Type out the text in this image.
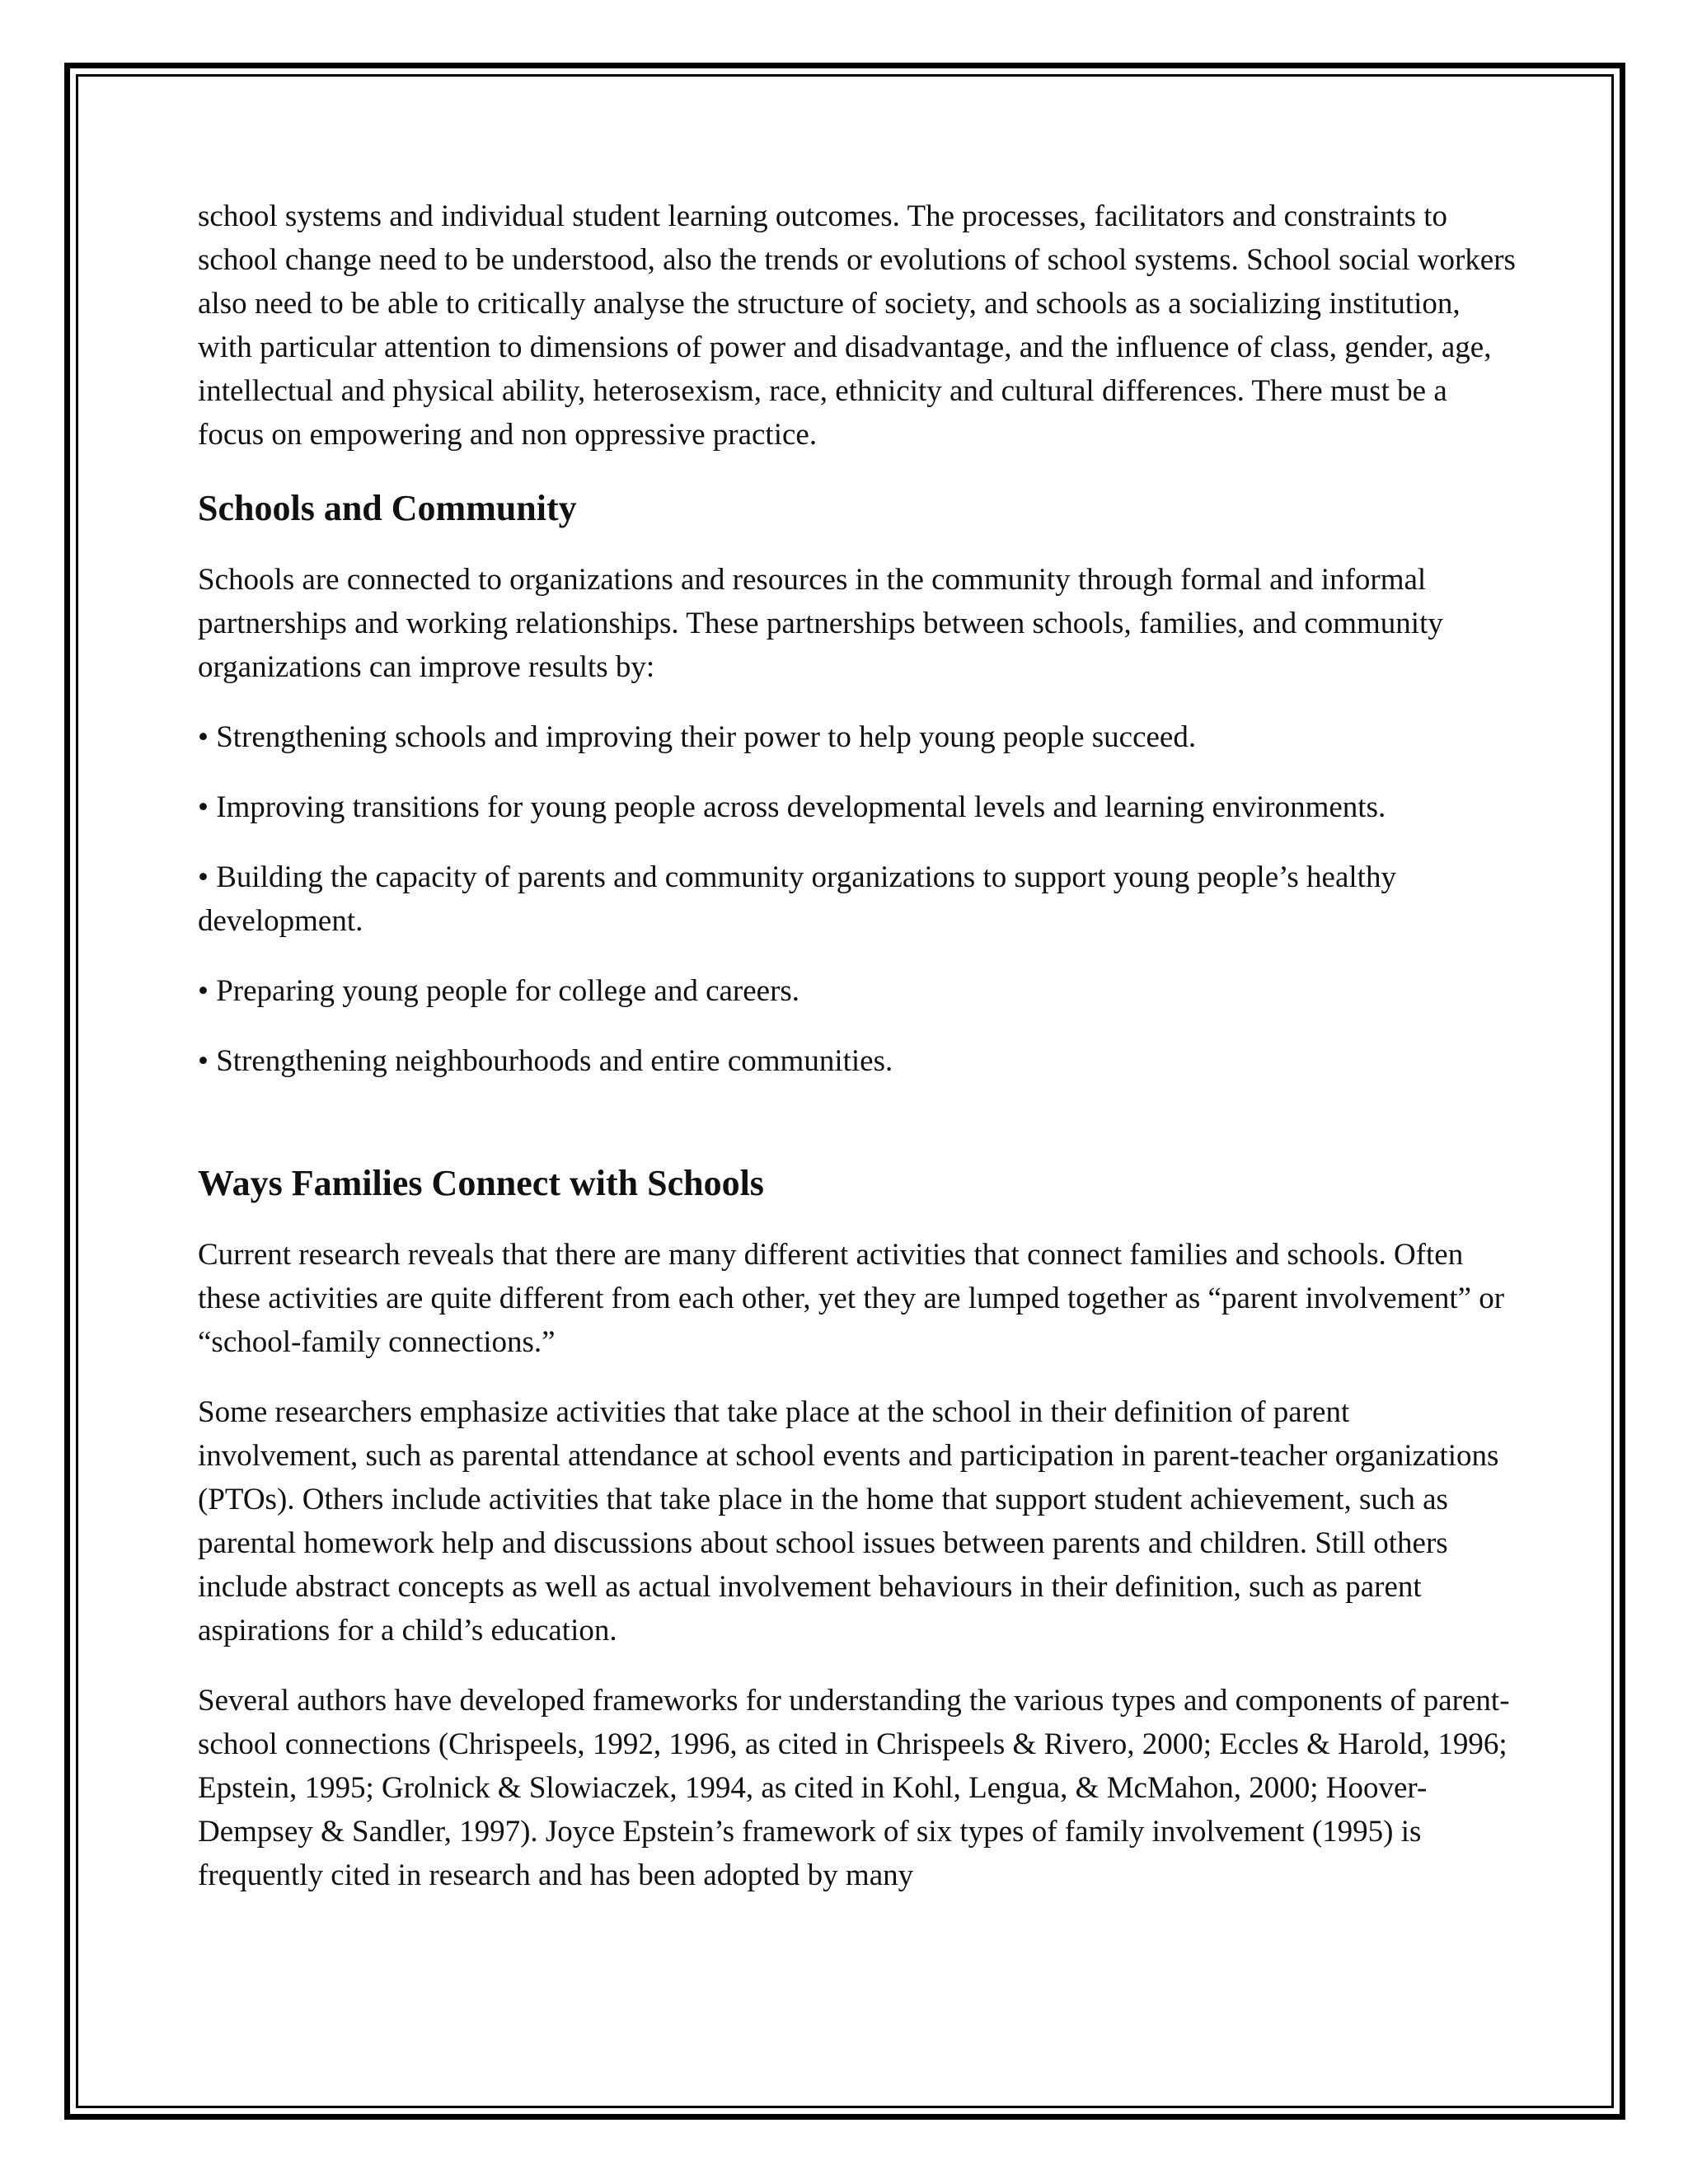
school systems and individual student learning outcomes. The processes, facilitators and constraints to school change need to be understood, also the trends or evolutions of school systems. School social workers also need to be able to critically analyse the structure of society, and schools as a socializing institution, with particular attention to dimensions of power and disadvantage, and the influence of class, gender, age, intellectual and physical ability, heterosexism, race, ethnicity and cultural differences. There must be a focus on empowering and non oppressive practice.

Schools and Community

Schools are connected to organizations and resources in the community through formal and informal partnerships and working relationships. These partnerships between schools, families, and community organizations can improve results by:

• Strengthening schools and improving their power to help young people succeed.

• Improving transitions for young people across developmental levels and learning environments.

• Building the capacity of parents and community organizations to support young people’s healthy development.

• Preparing young people for college and careers.

• Strengthening neighbourhoods and entire communities.

Ways Families Connect with Schools

Current research reveals that there are many different activities that connect families and schools. Often these activities are quite different from each other, yet they are lumped together as “parent involvement” or “school-family connections.”

Some researchers emphasize activities that take place at the school in their definition of parent involvement, such as parental attendance at school events and participation in parent-teacher organizations (PTOs). Others include activities that take place in the home that support student achievement, such as parental homework help and discussions about school issues between parents and children. Still others include abstract concepts as well as actual involvement behaviours in their definition, such as parent aspirations for a child’s education.

Several authors have developed frameworks for understanding the various types and components of parent-school connections (Chrispeels, 1992, 1996, as cited in Chrispeels & Rivero, 2000; Eccles & Harold, 1996; Epstein, 1995; Grolnick & Slowiaczek, 1994, as cited in Kohl, Lengua, & McMahon, 2000; Hoover-Dempsey & Sandler, 1997). Joyce Epstein’s framework of six types of family involvement (1995) is frequently cited in research and has been adopted by many
